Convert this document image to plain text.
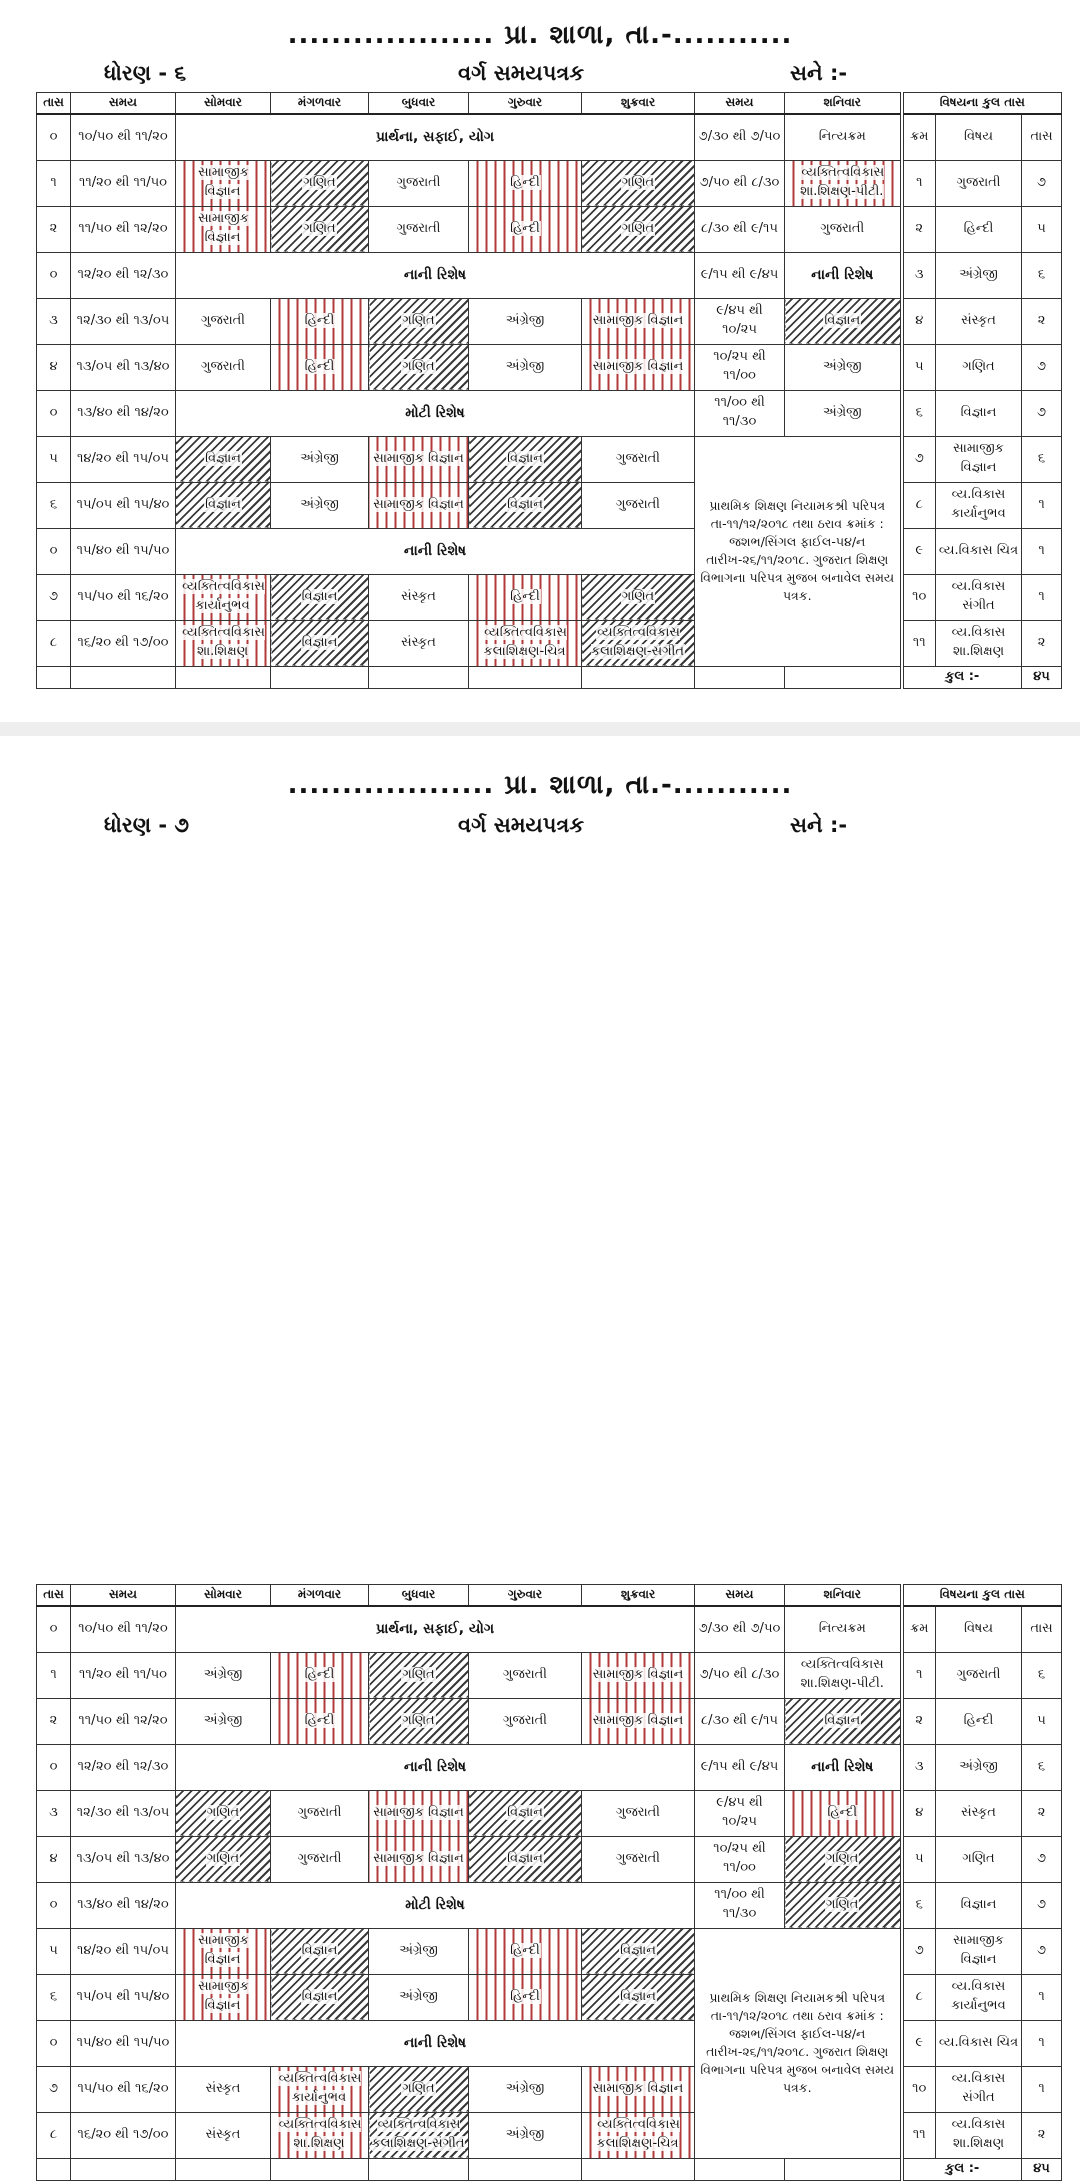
................... પ્રા. શાળા, તા.-...........
ધોરણ - ૬	વર્ગ સમયપત્રક	સને :-
તાસ	સમય	સોમવાર	મંગળવાર	બુધવાર	ગુરુવાર	શુક્રવાર	સમય	શનિવાર	વિષયના કુલ તાસ		
૦	૧૦/૫૦ થી ૧૧/૨૦	પ્રાર્થના, સફાઈ, યોગ					૭/૩૦ થી ૭/૫૦	નિત્યક્રમ	ક્રમ	વિષય	તાસ
૧	૧૧/૨૦ થી ૧૧/૫૦	સામાજીક વિજ્ઞાન	ગણિત	ગુજરાતી	હિન્દી	ગણિત	૭/૫૦ થી ૮/૩૦	વ્યક્તિત્વવિકાસ શા.શિક્ષણ-પીટી.	૧	ગુજરાતી	૭
૨	૧૧/૫૦ થી ૧૨/૨૦	સામાજીક વિજ્ઞાન	ગણિત	ગુજરાતી	હિન્દી	ગણિત	૮/૩૦ થી ૯/૧૫	ગુજરાતી	૨	હિન્દી	૫
૦	૧૨/૨૦ થી ૧૨/૩૦	નાની રિશેષ					૯/૧૫ થી ૯/૪૫	નાની રિશેષ	૩	અંગ્રેજી	૬
૩	૧૨/૩૦ થી ૧૩/૦૫	ગુજરાતી	હિન્દી	ગણિત	અંગ્રેજી	સામાજીક વિજ્ઞાન	૯/૪૫ થી ૧૦/૨૫	વિજ્ઞાન	૪	સંસ્કૃત	૨
૪	૧૩/૦૫ થી ૧૩/૪૦	ગુજરાતી	હિન્દી	ગણિત	અંગ્રેજી	સામાજીક વિજ્ઞાન	૧૦/૨૫ થી ૧૧/૦૦	અંગ્રેજી	૫	ગણિત	૭
૦	૧૩/૪૦ થી ૧૪/૨૦	મોટી રિશેષ					૧૧/૦૦ થી ૧૧/૩૦	અંગ્રેજી	૬	વિજ્ઞાન	૭
૫	૧૪/૨૦ થી ૧૫/૦૫	વિજ્ઞાન	અંગ્રેજી	સામાજીક વિજ્ઞાન	વિજ્ઞાન	ગુજરાતી	પ્રાથમિક શિક્ષણ નિયામકશ્રી પરિપત્ર તા-૧૧/૧૨/૨૦૧૮ તથા ઠરાવ ક્રમાંક : જશભ/સિંગલ ફાઈલ-૫૪/ન તારીખ-૨૬/૧૧/૨૦૧૮. ગુજરાત શિક્ષણ વિભાગના પરિપત્ર મુજબ બનાવેલ સમય પત્રક.		૭	સામાજીક વિજ્ઞાન	૬
૬	૧૫/૦૫ થી ૧૫/૪૦	વિજ્ઞાન	અંગ્રેજી	સામાજીક વિજ્ઞાન	વિજ્ઞાન	ગુજરાતી			૮	વ્ય.વિકાસ કાર્યાનુભવ	૧
૦	૧૫/૪૦ થી ૧૫/૫૦	નાની રિશેષ							૯	વ્ય.વિકાસ ચિત્ર	૧
૭	૧૫/૫૦ થી ૧૬/૨૦	વ્યક્તિત્વવિકાસ કાર્યાનુભવ	વિજ્ઞાન	સંસ્કૃત	હિન્દી	ગણિત			૧૦	વ્ય.વિકાસ સંગીત	૧
૮	૧૬/૨૦ થી ૧૭/૦૦	વ્યક્તિત્વવિકાસ શા.શિક્ષણ	વિજ્ઞાન	સંસ્કૃત	વ્યક્તિત્વવિકાસ કલાશિક્ષણ-ચિત્ર	વ્યક્તિત્વવિકાસ કલાશિક્ષણ-સંગીત			૧૧	વ્ય.વિકાસ શા.શિક્ષણ	૨
									કુલ :-		૪૫
................... પ્રા. શાળા, તા.-...........
ધોરણ - ૭	વર્ગ સમયપત્રક	સને :-
તાસ	સમય	સોમવાર	મંગળવાર	બુધવાર	ગુરુવાર	શુક્રવાર	સમય	શનિવાર	વિષયના કુલ તાસ		
૦	૧૦/૫૦ થી ૧૧/૨૦	પ્રાર્થના, સફાઈ, યોગ					૭/૩૦ થી ૭/૫૦	નિત્યક્રમ	ક્રમ	વિષય	તાસ
૧	૧૧/૨૦ થી ૧૧/૫૦	અંગ્રેજી	હિન્દી	ગણિત	ગુજરાતી	સામાજીક વિજ્ઞાન	૭/૫૦ થી ૮/૩૦	વ્યક્તિત્વવિકાસ શા.શિક્ષણ-પીટી.	૧	ગુજરાતી	૬
૨	૧૧/૫૦ થી ૧૨/૨૦	અંગ્રેજી	હિન્દી	ગણિત	ગુજરાતી	સામાજીક વિજ્ઞાન	૮/૩૦ થી ૯/૧૫	વિજ્ઞાન	૨	હિન્દી	૫
૦	૧૨/૨૦ થી ૧૨/૩૦	નાની રિશેષ					૯/૧૫ થી ૯/૪૫	નાની રિશેષ	૩	અંગ્રેજી	૬
૩	૧૨/૩૦ થી ૧૩/૦૫	ગણિત	ગુજરાતી	સામાજીક વિજ્ઞાન	વિજ્ઞાન	ગુજરાતી	૯/૪૫ થી ૧૦/૨૫	હિન્દી	૪	સંસ્કૃત	૨
૪	૧૩/૦૫ થી ૧૩/૪૦	ગણિત	ગુજરાતી	સામાજીક વિજ્ઞાન	વિજ્ઞાન	ગુજરાતી	૧૦/૨૫ થી ૧૧/૦૦	ગણિત	૫	ગણિત	૭
૦	૧૩/૪૦ થી ૧૪/૨૦	મોટી રિશેષ					૧૧/૦૦ થી ૧૧/૩૦	ગણિત	૬	વિજ્ઞાન	૭
૫	૧૪/૨૦ થી ૧૫/૦૫	સામાજીક વિજ્ઞાન	વિજ્ઞાન	અંગ્રેજી	હિન્દી	વિજ્ઞાન	પ્રાથમિક શિક્ષણ નિયામકશ્રી પરિપત્ર તા-૧૧/૧૨/૨૦૧૮ તથા ઠરાવ ક્રમાંક : જશભ/સિંગલ ફાઈલ-૫૪/ન તારીખ-૨૬/૧૧/૨૦૧૮. ગુજરાત શિક્ષણ વિભાગના પરિપત્ર મુજબ બનાવેલ સમય પત્રક.		૭	સામાજીક વિજ્ઞાન	૭
૬	૧૫/૦૫ થી ૧૫/૪૦	સામાજીક વિજ્ઞાન	વિજ્ઞાન	અંગ્રેજી	હિન્દી	વિજ્ઞાન			૮	વ્ય.વિકાસ કાર્યાનુભવ	૧
૦	૧૫/૪૦ થી ૧૫/૫૦	નાની રિશેષ							૯	વ્ય.વિકાસ ચિત્ર	૧
૭	૧૫/૫૦ થી ૧૬/૨૦	સંસ્કૃત	વ્યક્તિત્વવિકાસ કાર્યાનુભવ	ગણિત	અંગ્રેજી	સામાજીક વિજ્ઞાન			૧૦	વ્ય.વિકાસ સંગીત	૧
૮	૧૬/૨૦ થી ૧૭/૦૦	સંસ્કૃત	વ્યક્તિત્વવિકાસ શા.શિક્ષણ	વ્યક્તિત્વવિકાસ કલાશિક્ષણ-સંગીત	અંગ્રેજી	વ્યક્તિત્વવિકાસ કલાશિક્ષણ-ચિત્ર			૧૧	વ્ય.વિકાસ શા.શિક્ષણ	૨
									કુલ :-		૪૫
